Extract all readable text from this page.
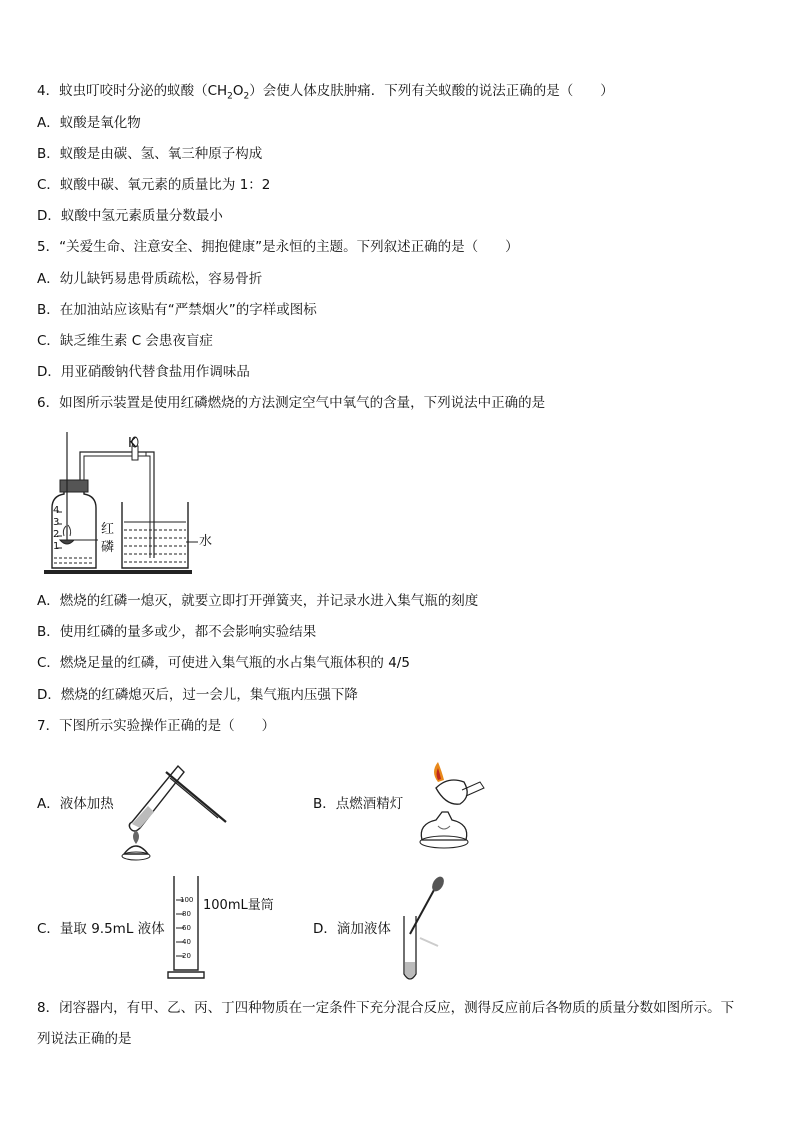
4．蚊虫叮咬时分泌的蚁酸$(CH_2O_2)$会使人体皮肤肿痛．下列有关蚁酸的说法正确的是（　　）
A．蚁酸是氧化物
B．蚁酸是由碳、氢、氧三种原子构成
C．蚁酸中碳、氧元素的质量比为 1：2
D．蚁酸中氢元素质量分数最小
5．“关爱生命、注意安全、拥抱健康”是永恒的主题。下列叙述正确的是（　　）
A．幼儿缺钙易患骨质疏松，容易骨折
B．在加油站应该贴有“严禁烟火”的字样或图标
C．缺乏维生素 C 会患夜盲症
D．用亚硝酸钠代替食盐用作调味品
6．如图所示装置是使用红磷燃烧的方法测定空气中氧气的含量，下列说法中正确的是
K
4
3
2
1
红
磷	水
A．燃烧的红磷一熄灭，就要立即打开弹簧夹，并记录水进入集气瓶的刻度
B．使用红磷的量多或少，都不会影响实验结果
C．燃烧足量的红磷，可使进入集气瓶的水占集气瓶体积的 4/5
D．燃烧的红磷熄灭后，过一会儿，集气瓶内压强下降
7．下图所示实验操作正确的是（　　）
A．液体加热	B．点燃酒精灯
C．量取 9.5mL 液体
100
80
60
40
20
100mL量筒
D．滴加液体
8．闭容器内，有甲、乙、丙、丁四种物质在一定条件下充分混合反应，测得反应前后各物质的质量分数如图所示。下
列说法正确的是
